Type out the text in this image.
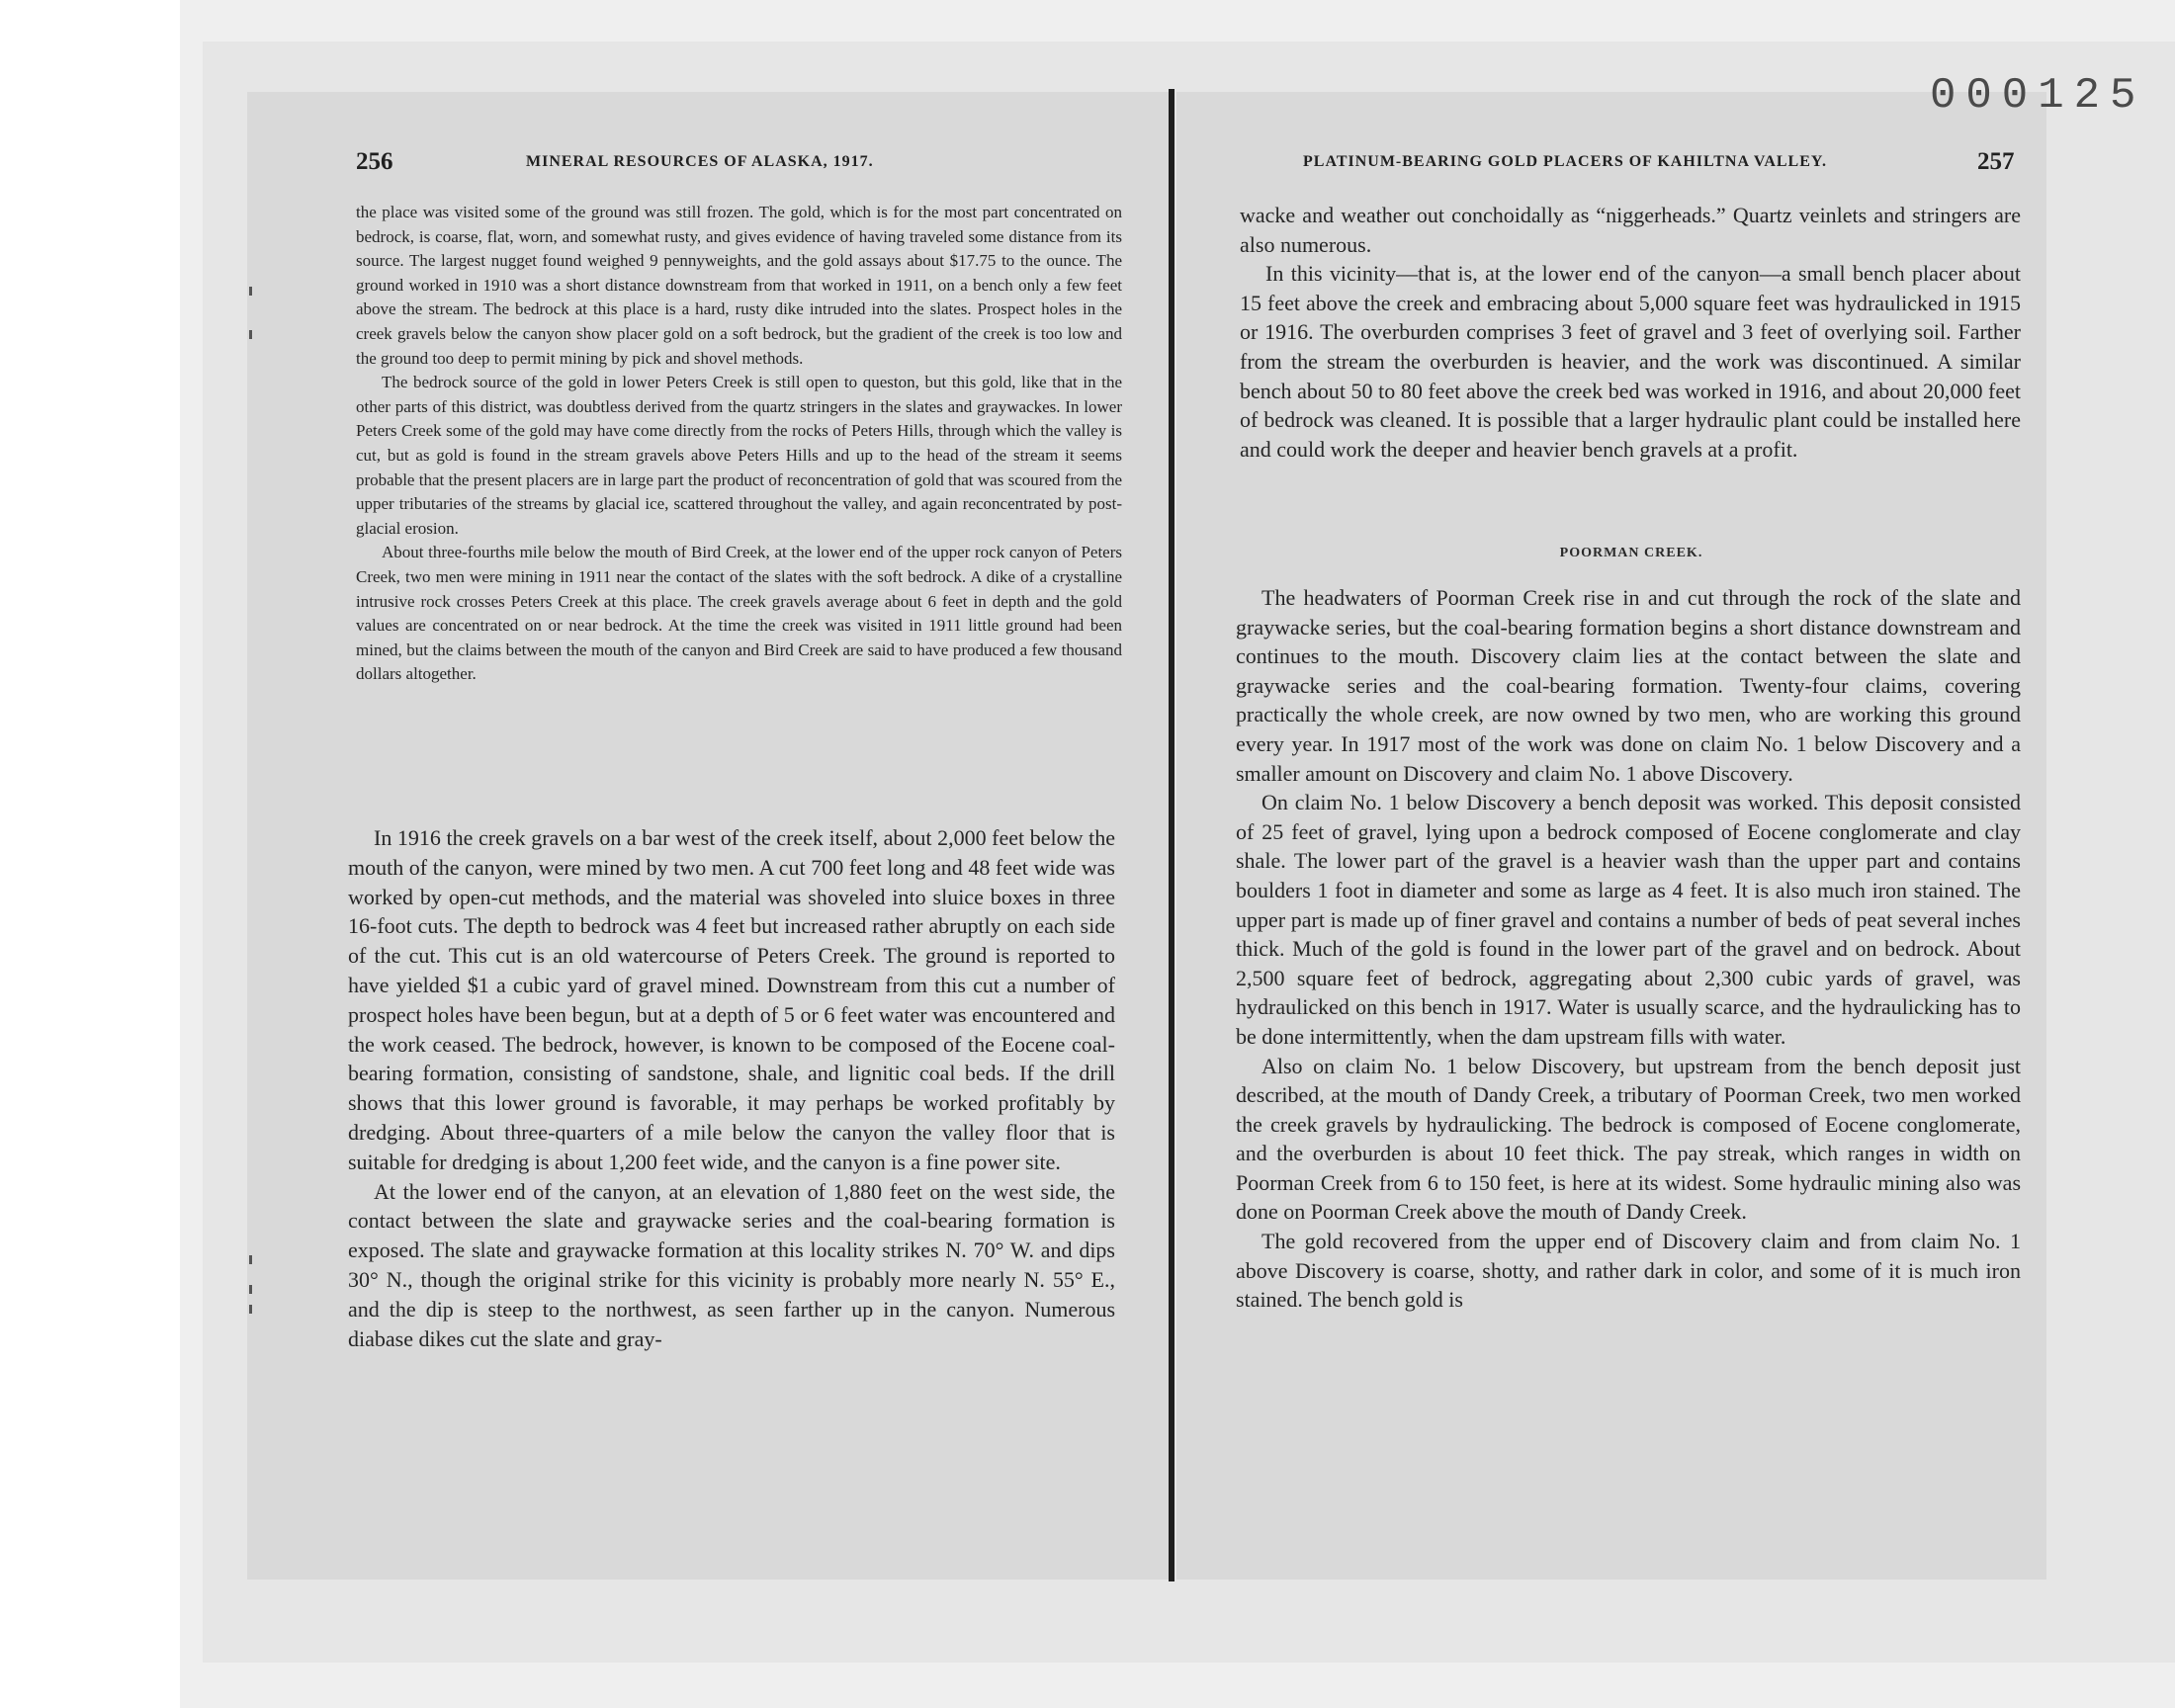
000125
256	MINERAL RESOURCES OF ALASKA, 1917.

the place was visited some of the ground was still frozen. The gold, which is for the most part concentrated on bedrock, is coarse, flat, worn, and somewhat rusty, and gives evidence of having traveled some distance from its source. The largest nugget found weighed 9 pennyweights, and the gold assays about $17.75 to the ounce. The ground worked in 1910 was a short distance downstream from that worked in 1911, on a bench only a few feet above the stream. The bedrock at this place is a hard, rusty dike intruded into the slates. Prospect holes in the creek gravels below the canyon show placer gold on a soft bedrock, but the gradient of the creek is too low and the ground too deep to permit mining by pick and shovel methods.

The bedrock source of the gold in lower Peters Creek is still open to queston, but this gold, like that in the other parts of this district, was doubtless derived from the quartz stringers in the slates and graywackes. In lower Peters Creek some of the gold may have come directly from the rocks of Peters Hills, through which the valley is cut, but as gold is found in the stream gravels above Peters Hills and up to the head of the stream it seems probable that the present placers are in large part the product of reconcentration of gold that was scoured from the upper tributaries of the streams by glacial ice, scattered throughout the valley, and again reconcentrated by post-glacial erosion.

About three-fourths mile below the mouth of Bird Creek, at the lower end of the upper rock canyon of Peters Creek, two men were mining in 1911 near the contact of the slates with the soft bedrock. A dike of a crystalline intrusive rock crosses Peters Creek at this place. The creek gravels average about 6 feet in depth and the gold values are concentrated on or near bedrock. At the time the creek was visited in 1911 little ground had been mined, but the claims between the mouth of the canyon and Bird Creek are said to have produced a few thousand dollars altogether.

In 1916 the creek gravels on a bar west of the creek itself, about 2,000 feet below the mouth of the canyon, were mined by two men. A cut 700 feet long and 48 feet wide was worked by open-cut methods, and the material was shoveled into sluice boxes in three 16-foot cuts. The depth to bedrock was 4 feet but increased rather abruptly on each side of the cut. This cut is an old watercourse of Peters Creek. The ground is reported to have yielded $1 a cubic yard of gravel mined. Downstream from this cut a number of prospect holes have been begun, but at a depth of 5 or 6 feet water was encountered and the work ceased. The bedrock, however, is known to be composed of the Eocene coal-bearing formation, consisting of sandstone, shale, and lignitic coal beds. If the drill shows that this lower ground is favorable, it may perhaps be worked profitably by dredging. About three-quarters of a mile below the canyon the valley floor that is suitable for dredging is about 1,200 feet wide, and the canyon is a fine power site.

At the lower end of the canyon, at an elevation of 1,880 feet on the west side, the contact between the slate and graywacke series and the coal-bearing formation is exposed. The slate and graywacke formation at this locality strikes N. 70° W. and dips 30° N., though the original strike for this vicinity is probably more nearly N. 55° E., and the dip is steep to the northwest, as seen farther up in the canyon. Numerous diabase dikes cut the slate and gray-

PLATINUM-BEARING GOLD PLACERS OF KAHILTNA VALLEY.	257

wacke and weather out conchoidally as “niggerheads.” Quartz veinlets and stringers are also numerous.

In this vicinity—that is, at the lower end of the canyon—a small bench placer about 15 feet above the creek and embracing about 5,000 square feet was hydraulicked in 1915 or 1916. The overburden comprises 3 feet of gravel and 3 feet of overlying soil. Farther from the stream the overburden is heavier, and the work was discontinued. A similar bench about 50 to 80 feet above the creek bed was worked in 1916, and about 20,000 feet of bedrock was cleaned. It is possible that a larger hydraulic plant could be installed here and could work the deeper and heavier bench gravels at a profit.

POORMAN CREEK.

The headwaters of Poorman Creek rise in and cut through the rock of the slate and graywacke series, but the coal-bearing formation begins a short distance downstream and continues to the mouth. Discovery claim lies at the contact between the slate and graywacke series and the coal-bearing formation. Twenty-four claims, covering practically the whole creek, are now owned by two men, who are working this ground every year. In 1917 most of the work was done on claim No. 1 below Discovery and a smaller amount on Discovery and claim No. 1 above Discovery.

On claim No. 1 below Discovery a bench deposit was worked. This deposit consisted of 25 feet of gravel, lying upon a bedrock composed of Eocene conglomerate and clay shale. The lower part of the gravel is a heavier wash than the upper part and contains boulders 1 foot in diameter and some as large as 4 feet. It is also much iron stained. The upper part is made up of finer gravel and contains a number of beds of peat several inches thick. Much of the gold is found in the lower part of the gravel and on bedrock. About 2,500 square feet of bedrock, aggregating about 2,300 cubic yards of gravel, was hydraulicked on this bench in 1917. Water is usually scarce, and the hydraulicking has to be done intermittently, when the dam upstream fills with water.

Also on claim No. 1 below Discovery, but upstream from the bench deposit just described, at the mouth of Dandy Creek, a tributary of Poorman Creek, two men worked the creek gravels by hydraulicking. The bedrock is composed of Eocene conglomerate, and the overburden is about 10 feet thick. The pay streak, which ranges in width on Poorman Creek from 6 to 150 feet, is here at its widest. Some hydraulic mining also was done on Poorman Creek above the mouth of Dandy Creek.

The gold recovered from the upper end of Discovery claim and from claim No. 1 above Discovery is coarse, shotty, and rather dark in color, and some of it is much iron stained. The bench gold is
